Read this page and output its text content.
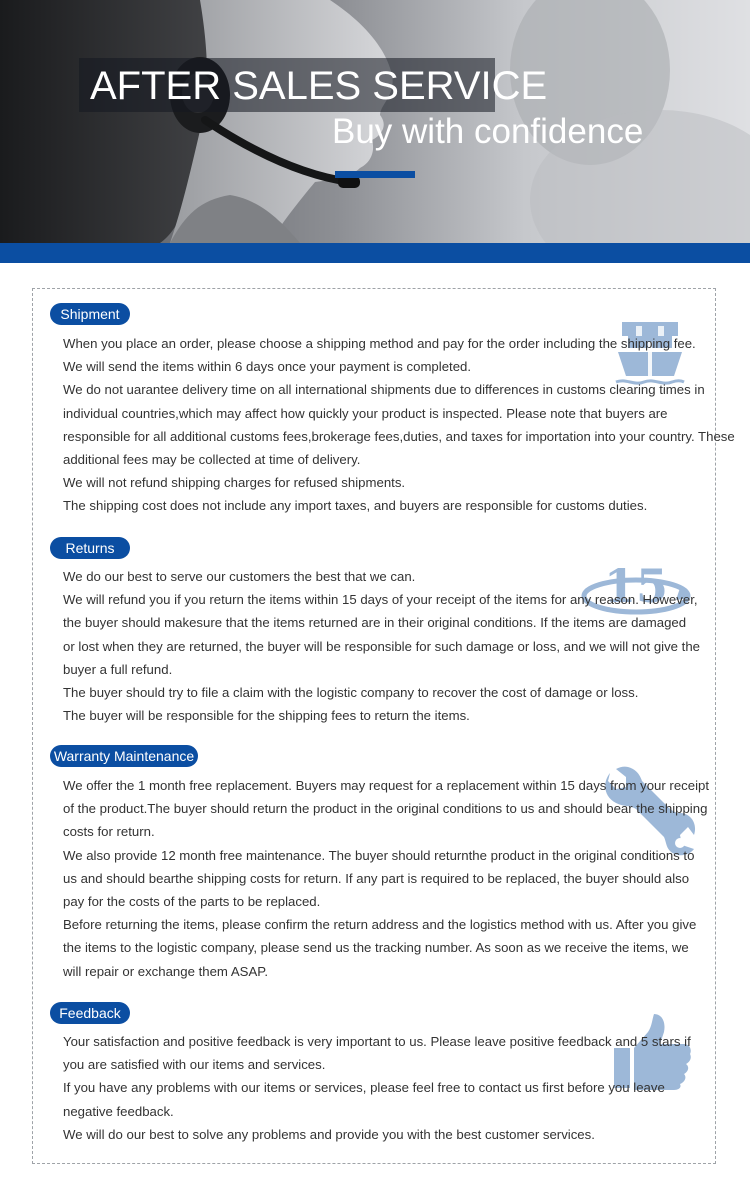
AFTER SALES SERVICE
Buy with confidence
Shipment

When you place an order, please choose a shipping method and pay for the order including the shipping fee.

We will send the items within 6 days once your payment is completed.

We do not uarantee delivery time on all international shipments due to differences in customs clearing times in

individual countries,which may affect how quickly your product is inspected. Please note that buyers are

responsible for all additional customs fees,brokerage fees,duties, and taxes for importation into your country. These

additional fees may be collected at time of delivery.

We will not refund shipping charges for refused shipments.

The shipping cost does not include any import taxes, and buyers are responsible for customs duties.

Returns
15

We do our best to serve our customers the best that we can.

We will refund you if you return the items within 15 days of your receipt of the items for any reason. However,

the buyer should makesure that the items returned are in their original conditions. If the items are damaged

or lost when they are returned, the buyer will be responsible for such damage or loss, and we will not give the

buyer a full refund.

The buyer should try to file a claim with the logistic company to recover the cost of damage or loss.

The buyer will be responsible for the shipping fees to return the items.

Warranty Maintenance

We offer the 1 month free replacement. Buyers may request for a replacement within 15 days from your receipt

of the product.The buyer should return the product in the original conditions to us and should bear the shipping

costs for return.

We also provide 12 month free maintenance. The buyer should returnthe product in the original conditions to

us and should bearthe shipping costs for return. If any part is required to be replaced, the buyer should also

pay for the costs of the parts to be replaced.

Before returning the items, please confirm the return address and the logistics method with us. After you give

the items to the logistic company, please send us the tracking number. As soon as we receive the items, we

will repair or exchange them ASAP.

Feedback

Your satisfaction and positive feedback is very important to us. Please leave positive feedback and 5 stars if

you are satisfied with our items and services.

If you have any problems with our items or services, please feel free to contact us first before you leave

negative feedback.

We will do our best to solve any problems and provide you with the best customer services.
